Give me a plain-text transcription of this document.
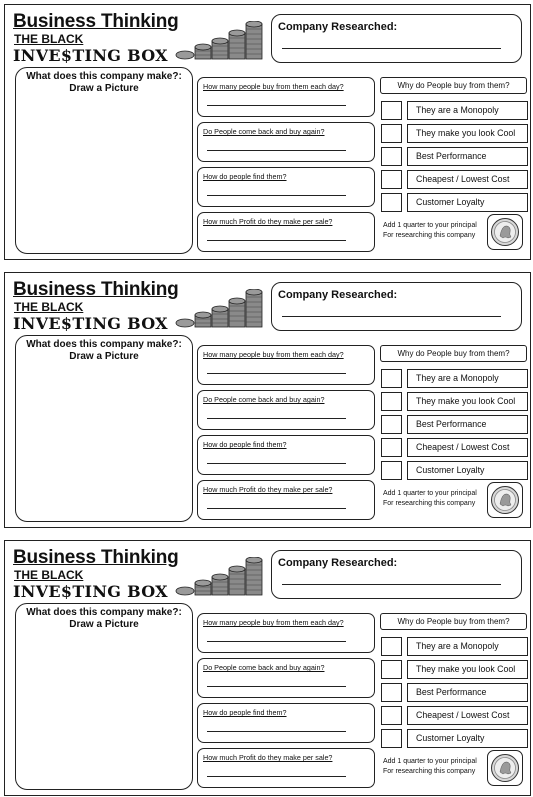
Business Thinking
THE BLACK
INVE$TING BOX
Company Researched:
What does this company make?:
Draw a Picture	How many people buy from them each day?
Do People come back and buy again?
How do people find them?
How much Profit do they make per sale?
Why do People buy from them?
They are a Monopoly
They make you look Cool
Best Performance
Cheapest / Lowest Cost
Customer Loyalty
Add 1 quarter to your principal
For researching this company
Business Thinking
THE BLACK
INVE$TING BOX
Company Researched:
What does this company make?:
Draw a Picture	How many people buy from them each day?
Do People come back and buy again?
How do people find them?
How much Profit do they make per sale?
Why do People buy from them?
They are a Monopoly
They make you look Cool
Best Performance
Cheapest / Lowest Cost
Customer Loyalty
Add 1 quarter to your principal
For researching this company
Business Thinking
THE BLACK
INVE$TING BOX
Company Researched:
What does this company make?:
Draw a Picture	How many people buy from them each day?
Do People come back and buy again?
How do people find them?
How much Profit do they make per sale?
Why do People buy from them?
They are a Monopoly
They make you look Cool
Best Performance
Cheapest / Lowest Cost
Customer Loyalty
Add 1 quarter to your principal
For researching this company
